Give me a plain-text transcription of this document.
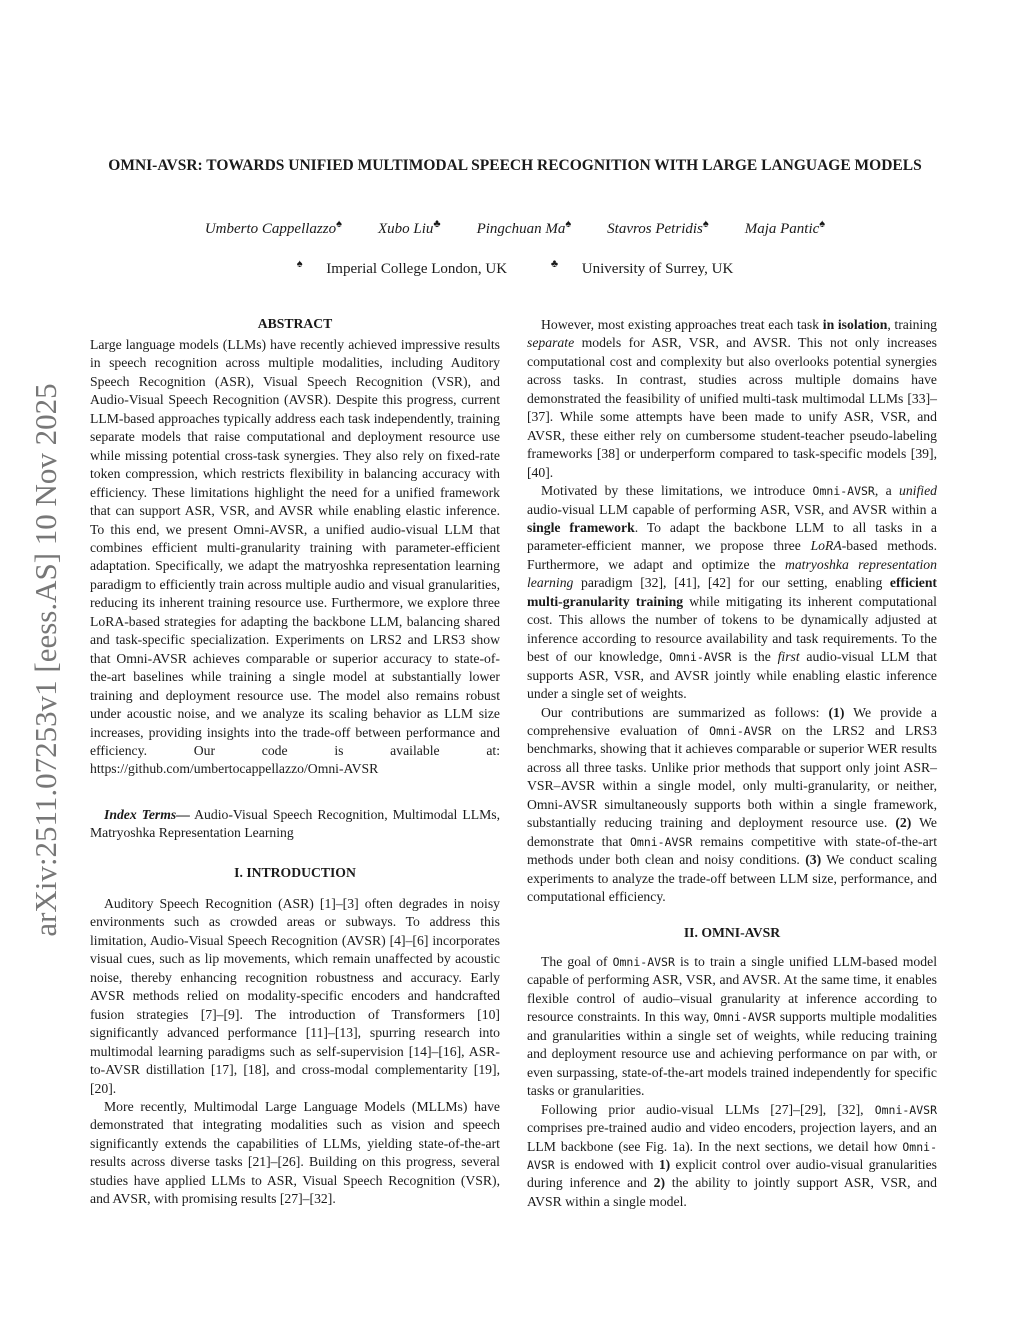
arXiv:2511.07253v1 [eess.AS] 10 Nov 2025
OMNI-AVSR: TOWARDS UNIFIED MULTIMODAL SPEECH RECOGNITION WITH LARGE LANGUAGE MODELS
Umberto Cappellazzo♠ Xubo Liu♣ Pingchuan Ma♠ Stavros Petridis♠ Maja Pantic♠
♠ Imperial College London, UK	♣ University of Surrey, UK
ABSTRACT

Large language models (LLMs) have recently achieved impressive results in speech recognition across multiple modalities, including Auditory Speech Recognition (ASR), Visual Speech Recognition (VSR), and Audio-Visual Speech Recognition (AVSR). Despite this progress, current LLM-based approaches typically address each task independently, training separate models that raise computational and deployment resource use while missing potential cross-task synergies. They also rely on fixed-rate token compression, which restricts flexibility in balancing accuracy with efficiency. These limitations highlight the need for a unified framework that can support ASR, VSR, and AVSR while enabling elastic inference. To this end, we present Omni-AVSR, a unified audio-visual LLM that combines efficient multi-granularity training with parameter-efficient adaptation. Specifically, we adapt the matryoshka representation learning paradigm to efficiently train across multiple audio and visual granularities, reducing its inherent training resource use. Furthermore, we explore three LoRA-based strategies for adapting the backbone LLM, balancing shared and task-specific specialization. Experiments on LRS2 and LRS3 show that Omni-AVSR achieves comparable or superior accuracy to state-of-the-art baselines while training a single model at substantially lower training and deployment resource use. The model also remains robust under acoustic noise, and we analyze its scaling behavior as LLM size increases, providing insights into the trade-off between performance and efficiency. Our code is available at: https://github.com/umbertocappellazzo/Omni-AVSR

Index Terms— Audio-Visual Speech Recognition, Multimodal LLMs, Matryoshka Representation Learning

I. INTRODUCTION

Auditory Speech Recognition (ASR) [1]–[3] often degrades in noisy environments such as crowded areas or subways. To address this limitation, Audio-Visual Speech Recognition (AVSR) [4]–[6] incorporates visual cues, such as lip movements, which remain unaffected by acoustic noise, thereby enhancing recognition robustness and accuracy. Early AVSR methods relied on modality-specific encoders and handcrafted fusion strategies [7]–[9]. The introduction of Transformers [10] significantly advanced performance [11]–[13], spurring research into multimodal learning paradigms such as self-supervision [14]–[16], ASR-to-AVSR distillation [17], [18], and cross-modal complementarity [19], [20].

More recently, Multimodal Large Language Models (MLLMs) have demonstrated that integrating modalities such as vision and speech significantly extends the capabilities of LLMs, yielding state-of-the-art results across diverse tasks [21]–[26]. Building on this progress, several studies have applied LLMs to ASR, Visual Speech Recognition (VSR), and AVSR, with promising results [27]–[32].

However, most existing approaches treat each task in isolation, training separate models for ASR, VSR, and AVSR. This not only increases computational cost and complexity but also overlooks potential synergies across tasks. In contrast, studies across multiple domains have demonstrated the feasibility of unified multi-task multimodal LLMs [33]–[37]. While some attempts have been made to unify ASR, VSR, and AVSR, these either rely on cumbersome student-teacher pseudo-labeling frameworks [38] or underperform compared to task-specific models [39], [40].

Motivated by these limitations, we introduce Omni-AVSR, a unified audio-visual LLM capable of performing ASR, VSR, and AVSR within a single framework. To adapt the backbone LLM to all tasks in a parameter-efficient manner, we propose three LoRA-based methods. Furthermore, we adapt and optimize the matryoshka representation learning paradigm [32], [41], [42] for our setting, enabling efficient multi-granularity training while mitigating its inherent computational cost. This allows the number of tokens to be dynamically adjusted at inference according to resource availability and task requirements. To the best of our knowledge, Omni-AVSR is the first audio-visual LLM that supports ASR, VSR, and AVSR jointly while enabling elastic inference under a single set of weights.

Our contributions are summarized as follows: (1) We provide a comprehensive evaluation of Omni-AVSR on the LRS2 and LRS3 benchmarks, showing that it achieves comparable or superior WER results across all three tasks. Unlike prior methods that support only joint ASR–VSR–AVSR within a single model, only multi-granularity, or neither, Omni-AVSR simultaneously supports both within a single framework, substantially reducing training and deployment resource use. (2) We demonstrate that Omni-AVSR remains competitive with state-of-the-art methods under both clean and noisy conditions. (3) We conduct scaling experiments to analyze the trade-off between LLM size, performance, and computational efficiency.

II. OMNI-AVSR

The goal of Omni-AVSR is to train a single unified LLM-based model capable of performing ASR, VSR, and AVSR. At the same time, it enables flexible control of audio–visual granularity at inference according to resource constraints. In this way, Omni-AVSR supports multiple modalities and granularities within a single set of weights, while reducing training and deployment resource use and achieving performance on par with, or even surpassing, state-of-the-art models trained independently for specific tasks or granularities.

Following prior audio-visual LLMs [27]–[29], [32], Omni-AVSR comprises pre-trained audio and video encoders, projection layers, and an LLM backbone (see Fig. 1a). In the next sections, we detail how Omni-AVSR is endowed with 1) explicit control over audio-visual granularities during inference and 2) the ability to jointly support ASR, VSR, and AVSR within a single model.
